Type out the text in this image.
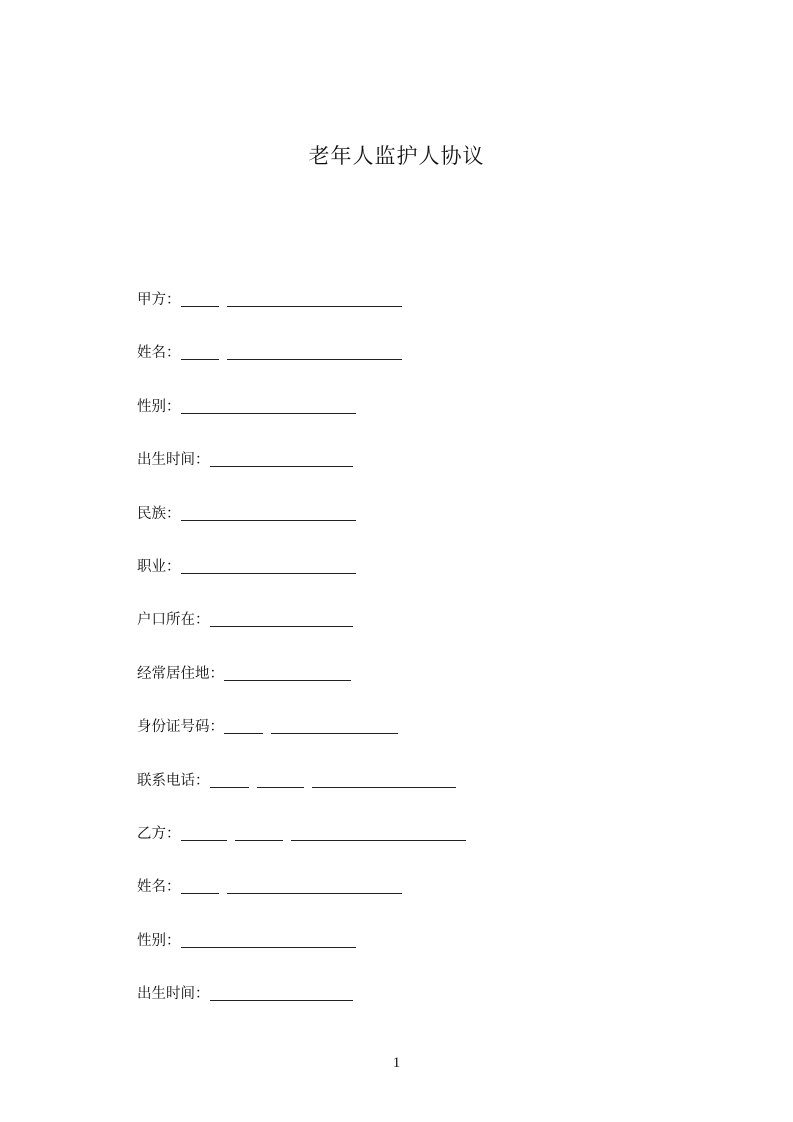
老年人监护人协议
甲方：
姓名：
性别：
出生时间：
民族：
职业：
户口所在：
经常居住地：
身份证号码：
联系电话：
乙方：
姓名：
性别：
出生时间：
1
